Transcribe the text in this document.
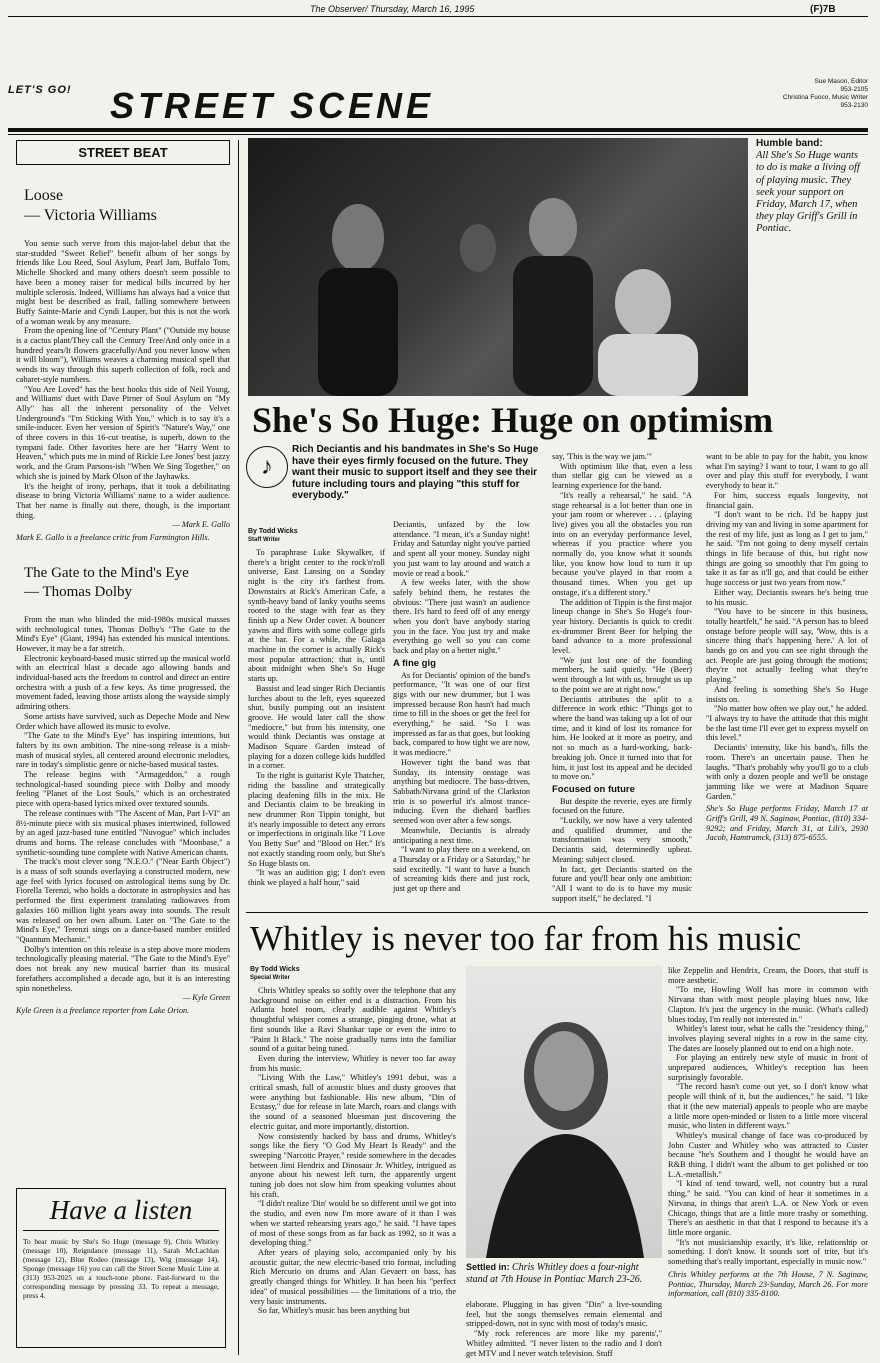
The Observer/ Thursday, March 16, 1995	(F)7B
LET'S GO! STREET SCENE
Sue Mason, Editor
953-2105
Christina Fuoco, Music Writer
953-2130
STREET BEAT
Loose
— Victoria Williams

You sense such verve from this major-label debut that the star-studded "Sweet Relief" benefit album of her songs by friends like Lou Reed, Soul Asylum, Pearl Jam, Buffalo Tom, Michelle Shocked and many others doesn't seem possible to have been a money raiser for medical bills incurred by her multiple sclerosis. Indeed, Williams has always had a voice that might best be described as frail, falling somewhere between Buffy Sainte-Marie and Cyndi Lauper, but this is not the work of a woman weak by any measure.

From the opening line of "Century Plant" ("Outside my house is a cactus plant/They call the Century Tree/And only once in a hundred years/It flowers gracefully/And you never know when it will bloom"), Williams weaves a charming musical spell that wends its way through this superb collection of folk, rock and cabaret-style numbers.

"You Are Loved" has the best hooks this side of Neil Young, and Williams' duet with Dave Pirner of Soul Asylum on "My Ally" has all the inherent personality of the Velvet Underground's "I'm Sticking With You," which is to say it's a smile-inducer. Even her version of Spirit's "Nature's Way," one of three covers in this 16-cut treatise, is superb, down to the tympani fade. Other favorites here are her "Harry Went to Heaven," which puts me in mind of Rickie Lee Jones' best jazzy work, and the Gram Parsons-ish "When We Sing Together," on which she is joined by Mark Olson of the Jayhawks.

It's the height of irony, perhaps, that it took a debilitating disease to bring Victoria Williams' name to a wider audience. That her name is finally out there, though, is the important thing.

— Mark E. Gallo

Mark E. Gallo is a freelance critic from Farmington Hills.

The Gate to the Mind's Eye
— Thomas Dolby

From the man who blinded the mid-1980s musical masses with technological tunes, Thomas Dolby's "The Gate to the Mind's Eye" (Giant, 1994) has extended his musical intentions. However, it may be a far stretch.

Electronic keyboard-based music stirred up the musical world with an electrical blast a decade ago allowing bands and individual-based acts the freedom to control and direct an entire orchestra with a push of a few keys. As time progressed, the movement faded, leaving those artists along the wayside simply admiring others.

Some artists have survived, such as Depeche Mode and New Order which have allowed its music to evolve.

"The Gate to the Mind's Eye" has inspiring intentions, but falters by its own ambition. The nine-song release is a mish-mash of musical styles, all centered around electronic melodies, rare in today's simplistic genre or niche-based musical tastes.

The release begins with "Armageddon," a rough technological-based sounding piece with Dolby and moody feeling "Planet of the Lost Souls," which is an orchestrated piece with opera-based lyrics mixed over textured sounds.

The release continues with "The Ascent of Man, Part I-VI" an 8½-minute piece with six musical phases intertwined, followed by an aged jazz-based tune entitled "Nuvogue" which includes drums and horns. The release concludes with "Moonbase," a synthetic-sounding tune complete with Native American chants.

The track's most clever song "N.E.O." ("Near Earth Object") is a mass of soft sounds overlaying a constructed modern, new age feel with lyrics focused on astrological items sung by Dr. Fiorella Terenzi, who holds a doctorate in astrophysics and has performed the first experiment translating radiowaves from galaxies 160 million light years away into sounds. The result was released on her own album. Later on "The Gate to the Mind's Eye," Terenzi sings on a dance-based number entitled "Quantum Mechanic."

Dolby's intention on this release is a step above more modern technologically pleasing material. "The Gate to the Mind's Eye" does not break any new musical barrier than its musical forefathers accomplished a decade ago, but it is an interesting spin nonetheless.

— Kyle Green

Kyle Green is a freelance reporter from Lake Orion.

Have a listen
To hear music by She's So Huge (message 9), Chris Whitley (message 10), Reigndance (message 11), Sarah McLachlan (message 12), Blue Rodeo (message 13), Wig (message 14), Sponge (message 16) you can call the Street Scene Music Line at (313) 953-2025 on a touch-tone phone. Fast-forward to the corresponding message by pressing 33. To repeat a message, press 4.
Humble band:
All She's So Huge wants to do is make a living off of playing music. They seek your support on Friday, March 17, when they play Griff's Grill in Pontiac.
She's So Huge: Huge on optimism
♪
Rich Deciantis and his bandmates in She's So Huge have their eyes firmly focused on the future. They want their music to support itself and they see their future including tours and playing "this stuff for everybody."
By Todd Wicks
Staff Writer

To paraphrase Luke Skywalker, if there's a bright center to the rock'n'roll universe, East Lansing on a Sunday night is the city it's farthest from. Downstairs at Rick's American Cafe, a synth-heavy band of lanky youths seems rooted to the stage with fear as they finish up a New Order cover. A bouncer yawns and flirts with some college girls at the bar. For a while, the Galaga machine in the corner is actually Rick's most popular attraction; that is, until about midnight when She's So Huge starts up.

Bassist and lead singer Rich Deciantis lurches about to the left, eyes squeezed shut, busily pumping out an insistent groove. He would later call the show "mediocre," but from his intensity, one would think Deciantis was onstage at Madison Square Garden instead of playing for a dozen college kids huddled in a corner.

To the right is guitarist Kyle Thatcher, riding the bassline and strategically placing deafening fills in the mix. He and Deciantis claim to be breaking in new drummer Ron Tippin tonight, but it's nearly impossible to detect any errors or imperfections in originals like "I Love You Betty Sue" and "Blood on Her." It's not exactly standing room only, but She's So Huge blasts on.

"It was an audition gig; I don't even think we played a half hour," said

Deciantis, unfazed by the low attendance. "I mean, it's a Sunday night! Friday and Saturday night you've partied and spent all your money. Sunday night you just want to lay around and watch a movie or read a book."

A few weeks later, with the show safely behind them, he restates the obvious: "There just wasn't an audience there. It's hard to feed off of any energy when you don't have anybody staring you in the face. You just try and make everything go well so you can come back and play on a better night."

A fine gig

As for Deciantis' opinion of the band's performance, "It was one of our first gigs with our new drummer, but I was impressed because Ron hasn't had much time to fill in the shoes or get the feel for everything," he said. "So I was impressed as far as that goes, but looking back, compared to how tight we are now, it was mediocre."

However tight the band was that Sunday, its intensity onstage was anything but mediocre. The bass-driven, Sabbath/Nirvana grind of the Clarkston trio is so powerful it's almost trance-inducing. Even the diehard barflies seemed won over after a few songs.

Meanwhile, Deciantis is already anticipating a next time.

"I want to play there on a weekend, on a Thursday or a Friday or a Saturday," he said excitedly. "I want to have a bunch of screaming kids there and just rock, just get up there and

say, 'This is the way we jam.'"

With optimism like that, even a less than stellar gig can be viewed as a learning experience for the band.

"It's really a rehearsal," he said. "A stage rehearsal is a lot better than one in your jam room or wherever . . . (playing live) gives you all the obstacles you run into on an everyday performance level, whereas if you practice where you normally do, you know what it sounds like, you know how loud to turn it up because you've played in that room a thousand times. When you get up onstage, it's a different story."

The addition of Tippin is the first major lineup change in She's So Huge's four-year history. Deciantis is quick to credit ex-drummer Brent Beer for helping the band advance to a more professional level.

"We just lost one of the founding members, he said quietly. "He (Beer) went through a lot with us, brought us up to the point we are at right now."

Deciantis attributes the split to a difference in work ethic: "Things got to where the band was taking up a lot of our time, and it kind of lost its romance for him. He looked at it more as poetry, and not so much as a hard-working, back-breaking job. Once it turned into that for him, it just lost its appeal and he decided to move on."

Focused on future

But despite the reverie, eyes are firmly focused on the future.

"Luckily, we now have a very talented and qualified drummer, and the transformation was very smooth," Deciantis said, determinedly upbeat. Meaning: subject closed.

In fact, get Deciantis started on the future and you'll hear only one ambition: "All I want to do is to have my music support itself," he declared. "I

want to be able to pay for the habit, you know what I'm saying? I want to tour, I want to go all over and play this stuff for everybody, I want everybody to hear it."

For him, success equals longevity, not financial gain.

"I don't want to be rich. I'd be happy just driving my van and living in some apartment for the rest of my life, just as long as I get to jam," he said. "I'm not going to deny myself certain things in life because of this, but right now things are going so smoothly that I'm going to take it as far as it'll go, and that could be either huge success or just two years from now."

Either way, Deciantis swears he's being true to his music.

"You have to be sincere in this business, totally heartfelt," he said. "A person has to bleed onstage before people will say, 'Wow, this is a sincere thing that's happening here.' A lot of bands go on and you can see right through the act. People are just going through the motions; they're not actually feeling what they're playing."

And feeling is something She's So Huge insists on.

"No matter how often we play out," he added. "I always try to have the attitude that this might be the last time I'll ever get to express myself on this level."

Deciantis' intensity, like his band's, fills the room. There's an uncertain pause. Then he laughs. "That's probably why you'll go to a club with only a dozen people and we'll be onstage jamming like we were at Madison Square Garden."

She's So Huge performs Friday, March 17 at Griff's Grill, 49 N. Saginaw, Pontiac, (810) 334-9292; and Friday, March 31, at Lili's, 2930 Jacob, Hamtramck, (313) 875-6555.

Whitley is never too far from his music
By Todd Wicks
Special Writer

Chris Whitley speaks so softly over the telephone that any background noise on either end is a distraction. From his Atlanta hotel room, clearly audible against Whitley's thoughtful whisper comes a strange, pinging drone, what at first sounds like a Ravi Shankar tape or even the intro to "Paint It Black." The noise gradually turns into the familiar sound of a guitar being tuned.

Even during the interview, Whitley is never too far away from his music.

"Living With the Law," Whitley's 1991 debut, was a critical smash, full of acoustic blues and dusty grooves that were anything but fashionable. His new album, "Din of Ecstasy," due for release in late March, roars and clangs with the sound of a seasoned bluesman just discovering the electric guitar, and more importantly, distortion.

Now consistently backed by bass and drums, Whitley's songs like the fiery "O God My Heart Is Ready" and the sweeping "Narcotic Prayer," reside somewhere in the decades between Jimi Hendrix and Dinosaur Jr. Whitley, intrigued as anyone about his newest left turn, the apparently urgent tuning job does not slow him from speaking volumes about his craft.

"I didn't realize 'Din' would be so different until we got into the studio, and even now I'm more aware of it than I was when we started rehearsing years ago," he said. "I have tapes of most of these songs from as far back as 1992, so it was a developing thing."

After years of playing solo, accompanied only by his acoustic guitar, the new electric-based trio format, including Rich Mercurio on drums and Alan Gevaert on bass, has greatly changed things for Whitley. It has been his "perfect idea" of musical possibilities — the limitations of a trio, the very basic instruments.

So far, Whitley's music has been anything but

Settled in: Chris Whitley does a four-night stand at 7th House in Pontiac March 23-26.

elaborate. Plugging in has given "Din" a live-sounding feel, but the songs themselves remain elemental and stripped-down, not in sync with most of today's music.

"My rock references are more like my parents'," Whitley admitted. "I never listen to the radio and I don't get MTV and I never watch television. Stuff

like Zeppelin and Hendrix, Cream, the Doors, that stuff is more aesthetic.

"To me, Howling Wolf has more in common with Nirvana than with most people playing blues now, like Clapton. It's just the urgency in the music. (What's called) blues today, I'm really not interested in."

Whitley's latest tour, what he calls the "residency thing," involves playing several nights in a row in the same city. The dates are loosely planned out to end on a high note.

For playing an entirely new style of music in front of unprepared audiences, Whitley's reception has been surprisingly favorable.

"The record hasn't come out yet, so I don't know what people will think of it, but the audiences," he said. "I like that it (the new material) appeals to people who are maybe a little more open-minded or listen to a little more visceral music, who listen in different ways."

Whitley's musical change of face was co-produced by John Custer and Whitley who was attracted to Custer because "he's Southern and I thought he would have an R&B thing. I didn't want the album to get polished or too L.A.-metallish."

"I kind of tend toward, well, not country but a rural thing," he said. "You can kind of hear it sometimes in a Nirvana, in things that aren't L.A. or New York or even Chicago, things that are a little more trashy or something. There's an aesthetic in that that I respond to because it's a little more organic.

"It's not musicianship exactly, it's like, relationship or something. I don't know. It sounds sort of trite, but it's something that's really important, especially in music now."

Chris Whitley performs at the 7th House, 7 N. Saginaw, Pontiac, Thursday, March 23-Sunday, March 26. For more information, call (810) 335-8100.
